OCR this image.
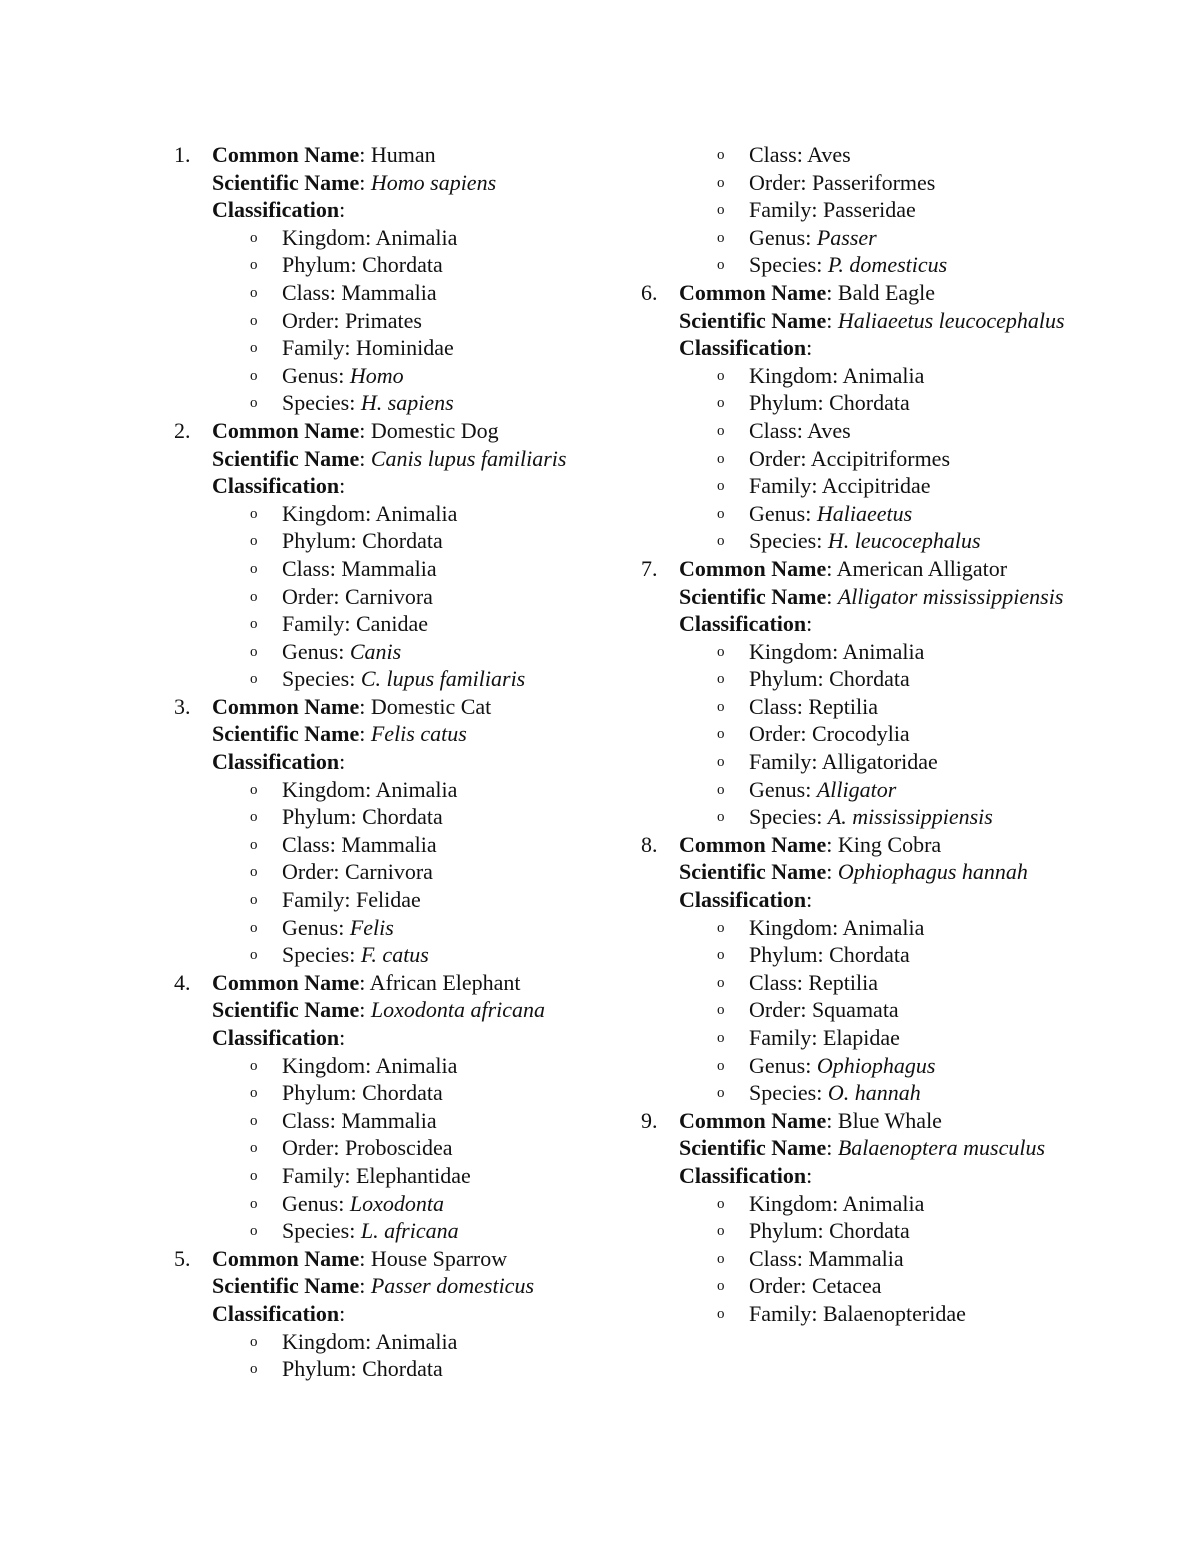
1. Common Name: Human
Scientific Name: Homo sapiens
Classification:
o Kingdom: Animalia
o Phylum: Chordata
o Class: Mammalia
o Order: Primates
o Family: Hominidae
o Genus: Homo
o Species: H. sapiens
2. Common Name: Domestic Dog
Scientific Name: Canis lupus familiaris
Classification:
o Kingdom: Animalia
o Phylum: Chordata
o Class: Mammalia
o Order: Carnivora
o Family: Canidae
o Genus: Canis
o Species: C. lupus familiaris
3. Common Name: Domestic Cat
Scientific Name: Felis catus
Classification:
o Kingdom: Animalia
o Phylum: Chordata
o Class: Mammalia
o Order: Carnivora
o Family: Felidae
o Genus: Felis
o Species: F. catus
4. Common Name: African Elephant
Scientific Name: Loxodonta africana
Classification:
o Kingdom: Animalia
o Phylum: Chordata
o Class: Mammalia
o Order: Proboscidea
o Family: Elephantidae
o Genus: Loxodonta
o Species: L. africana
5. Common Name: House Sparrow
Scientific Name: Passer domesticus
Classification:
o Kingdom: Animalia
o Phylum: Chordata
o Class: Aves
o Order: Passeriformes
o Family: Passeridae
o Genus: Passer
o Species: P. domesticus
6. Common Name: Bald Eagle
Scientific Name: Haliaeetus leucocephalus
Classification:
o Kingdom: Animalia
o Phylum: Chordata
o Class: Aves
o Order: Accipitriformes
o Family: Accipitridae
o Genus: Haliaeetus
o Species: H. leucocephalus
7. Common Name: American Alligator
Scientific Name: Alligator mississippiensis
Classification:
o Kingdom: Animalia
o Phylum: Chordata
o Class: Reptilia
o Order: Crocodylia
o Family: Alligatoridae
o Genus: Alligator
o Species: A. mississippiensis
8. Common Name: King Cobra
Scientific Name: Ophiophagus hannah
Classification:
o Kingdom: Animalia
o Phylum: Chordata
o Class: Reptilia
o Order: Squamata
o Family: Elapidae
o Genus: Ophiophagus
o Species: O. hannah
9. Common Name: Blue Whale
Scientific Name: Balaenoptera musculus
Classification:
o Kingdom: Animalia
o Phylum: Chordata
o Class: Mammalia
o Order: Cetacea
o Family: Balaenopteridae
